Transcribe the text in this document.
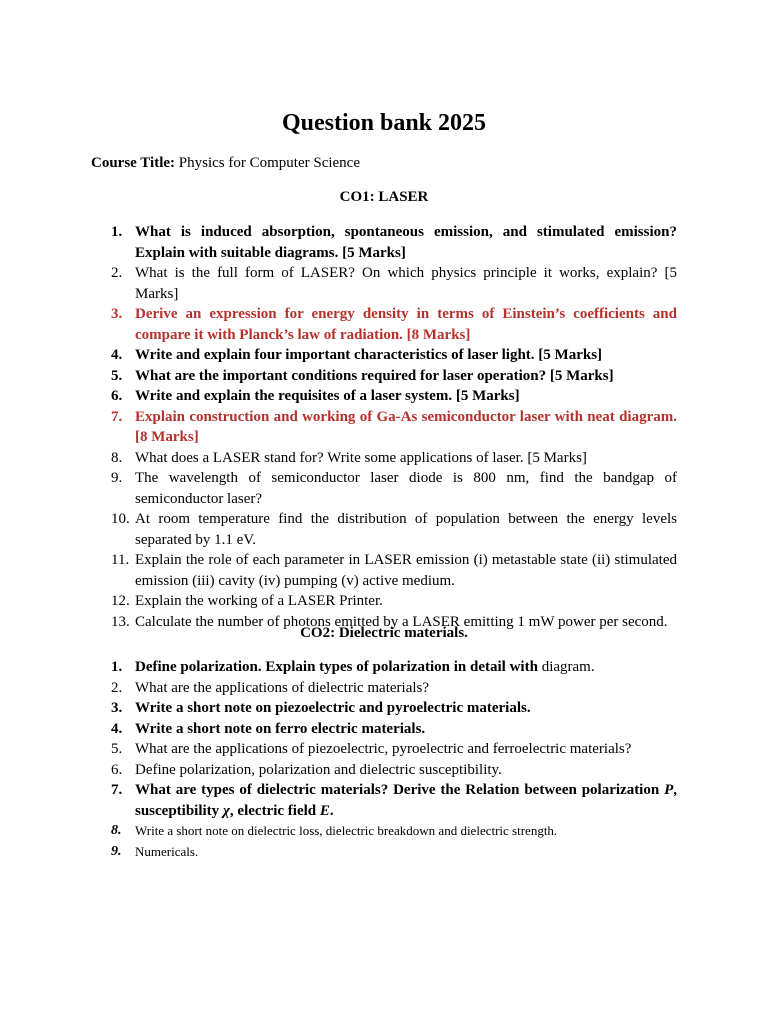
Question bank 2025
Course Title: Physics for Computer Science
CO1: LASER
1. What is induced absorption, spontaneous emission, and stimulated emission? Explain with suitable diagrams. [5 Marks]
2. What is the full form of LASER? On which physics principle it works, explain? [5 Marks]
3. Derive an expression for energy density in terms of Einstein’s coefficients and compare it with Planck’s law of radiation. [8 Marks]
4. Write and explain four important characteristics of laser light. [5 Marks]
5. What are the important conditions required for laser operation? [5 Marks]
6. Write and explain the requisites of a laser system. [5 Marks]
7. Explain construction and working of Ga-As semiconductor laser with neat diagram. [8 Marks]
8. What does a LASER stand for? Write some applications of laser. [5 Marks]
9. The wavelength of semiconductor laser diode is 800 nm, find the bandgap of semiconductor laser?
10. At room temperature find the distribution of population between the energy levels separated by 1.1 eV.
11. Explain the role of each parameter in LASER emission (i) metastable state (ii) stimulated emission (iii) cavity (iv) pumping (v) active medium.
12. Explain the working of a LASER Printer.
13. Calculate the number of photons emitted by a LASER emitting 1 mW power per second.
CO2: Dielectric materials.
1. Define polarization. Explain types of polarization in detail with diagram.
2. What are the applications of dielectric materials?
3. Write a short note on piezoelectric and pyroelectric materials.
4. Write a short note on ferro electric materials.
5. What are the applications of piezoelectric, pyroelectric and ferroelectric materials?
6. Define polarization, polarization and dielectric susceptibility.
7. What are types of dielectric materials? Derive the Relation between polarization P, susceptibility χ, electric field E.
8. Write a short note on dielectric loss, dielectric breakdown and dielectric strength.
9. Numericals.
